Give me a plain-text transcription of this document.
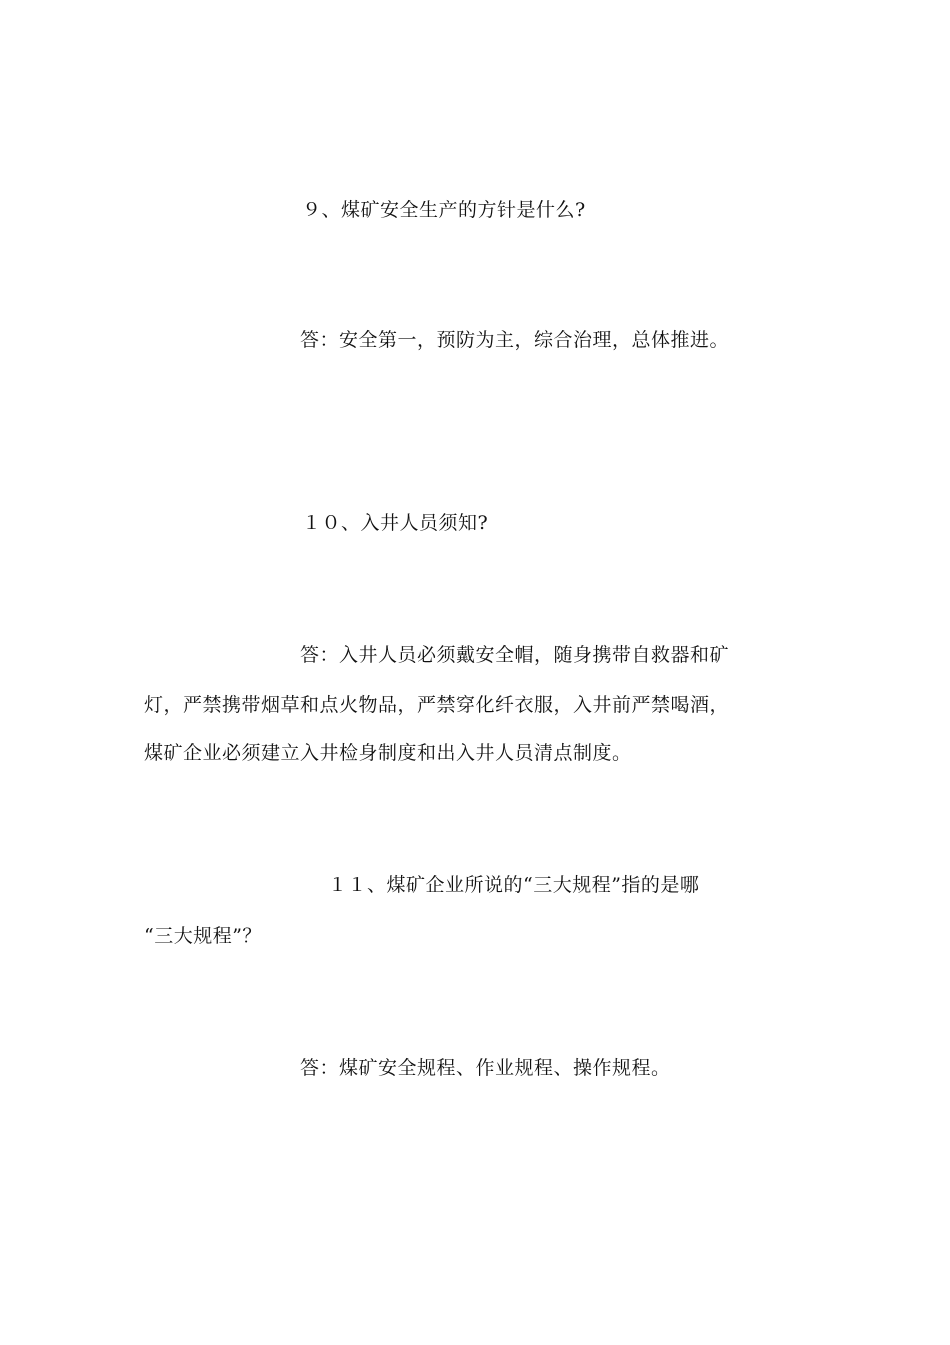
９、煤矿安全生产的方针是什么?
答：安全第一，预防为主，综合治理，总体推进。
１０、入井人员须知?
答：入井人员必须戴安全帽，随身携带自救器和矿
灯，严禁携带烟草和点火物品，严禁穿化纤衣服，入井前严禁喝酒，
煤矿企业必须建立入井检身制度和出入井人员清点制度。
１１、煤矿企业所说的“三大规程”指的是哪
“三大规程”？
答：煤矿安全规程、作业规程、操作规程。
